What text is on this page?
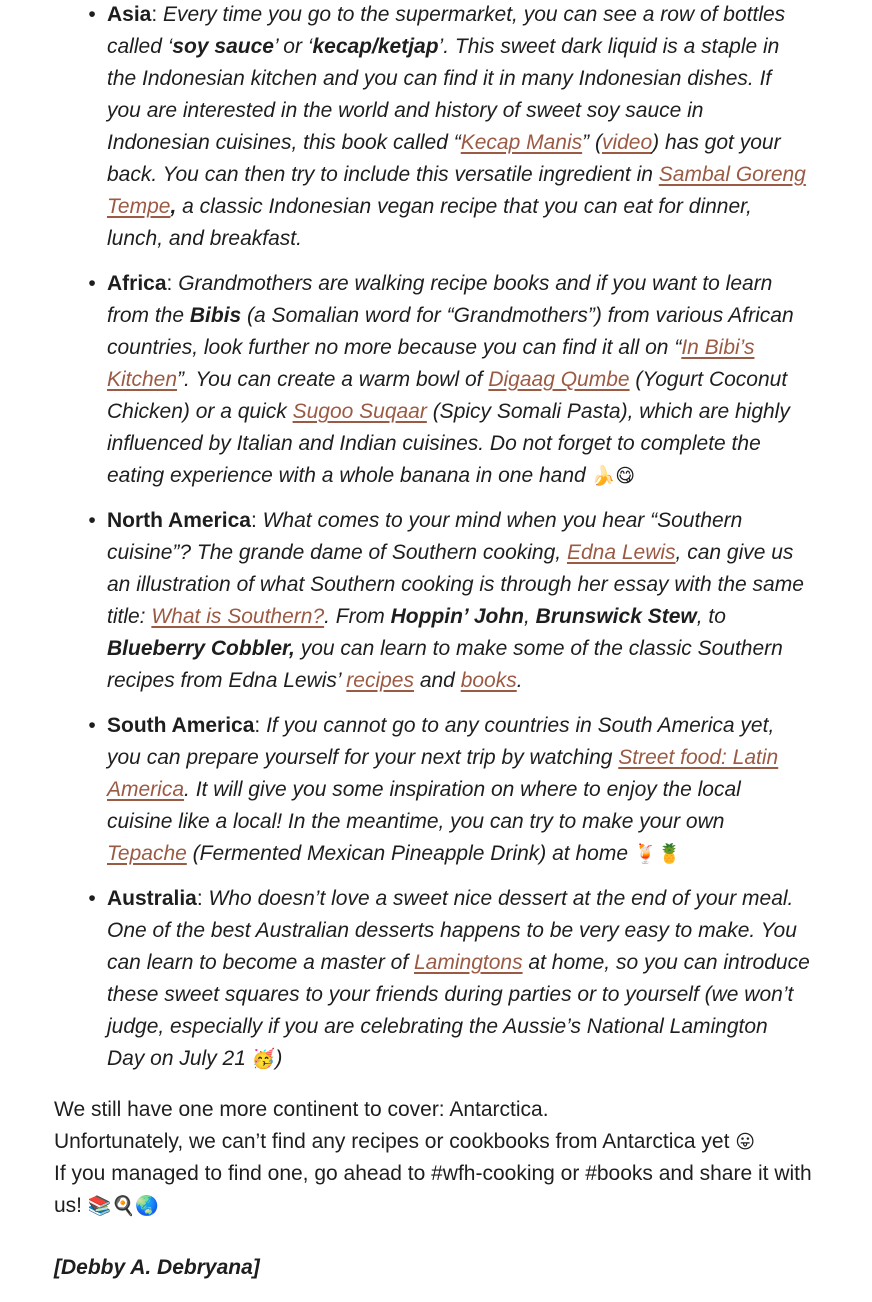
•
Asia: Every time you go to the supermarket, you can see a row of bottles called ‘soy sauce’ or ‘kecap/ketjap’. This sweet dark liquid is a staple in the Indonesian kitchen and you can find it in many Indonesian dishes. If you are interested in the world and history of sweet soy sauce in Indonesian cuisines, this book called “Kecap Manis” (video) has got your back. You can then try to include this versatile ingredient in Sambal Goreng Tempe, a classic Indonesian vegan recipe that you can eat for dinner, lunch, and breakfast.
•
Africa: Grandmothers are walking recipe books and if you want to learn from the Bibis (a Somalian word for “Grandmothers”) from various African countries, look further no more because you can find it all on “In Bibi’s Kitchen”. You can create a warm bowl of Digaag Qumbe (Yogurt Coconut Chicken) or a quick Sugoo Suqaar (Spicy Somali Pasta), which are highly influenced by Italian and Indian cuisines. Do not forget to complete the eating experience with a whole banana in one hand 🍌😋
•
North America: What comes to your mind when you hear “Southern cuisine”? The grande dame of Southern cooking, Edna Lewis, can give us an illustration of what Southern cooking is through her essay with the same title: What is Southern?. From Hoppin’ John, Brunswick Stew, to Blueberry Cobbler, you can learn to make some of the classic Southern recipes from Edna Lewis’ recipes and books.
•
South America: If you cannot go to any countries in South America yet, you can prepare yourself for your next trip by watching Street food: Latin America. It will give you some inspiration on where to enjoy the local cuisine like a local! In the meantime, you can try to make your own Tepache (Fermented Mexican Pineapple Drink) at home 🍹🍍
•
Australia: Who doesn’t love a sweet nice dessert at the end of your meal. One of the best Australian desserts happens to be very easy to make. You can learn to become a master of Lamingtons at home, so you can introduce these sweet squares to your friends during parties or to yourself (we won’t judge, especially if you are celebrating the Aussie’s National Lamington Day on July 21 🥳)

We still have one more continent to cover: Antarctica.

Unfortunately, we can’t find any recipes or cookbooks from Antarctica yet 😛

If you managed to find one, go ahead to #wfh-cooking or #books and share it with us! 📚🍳🌏

[Debby A. Debryana]
